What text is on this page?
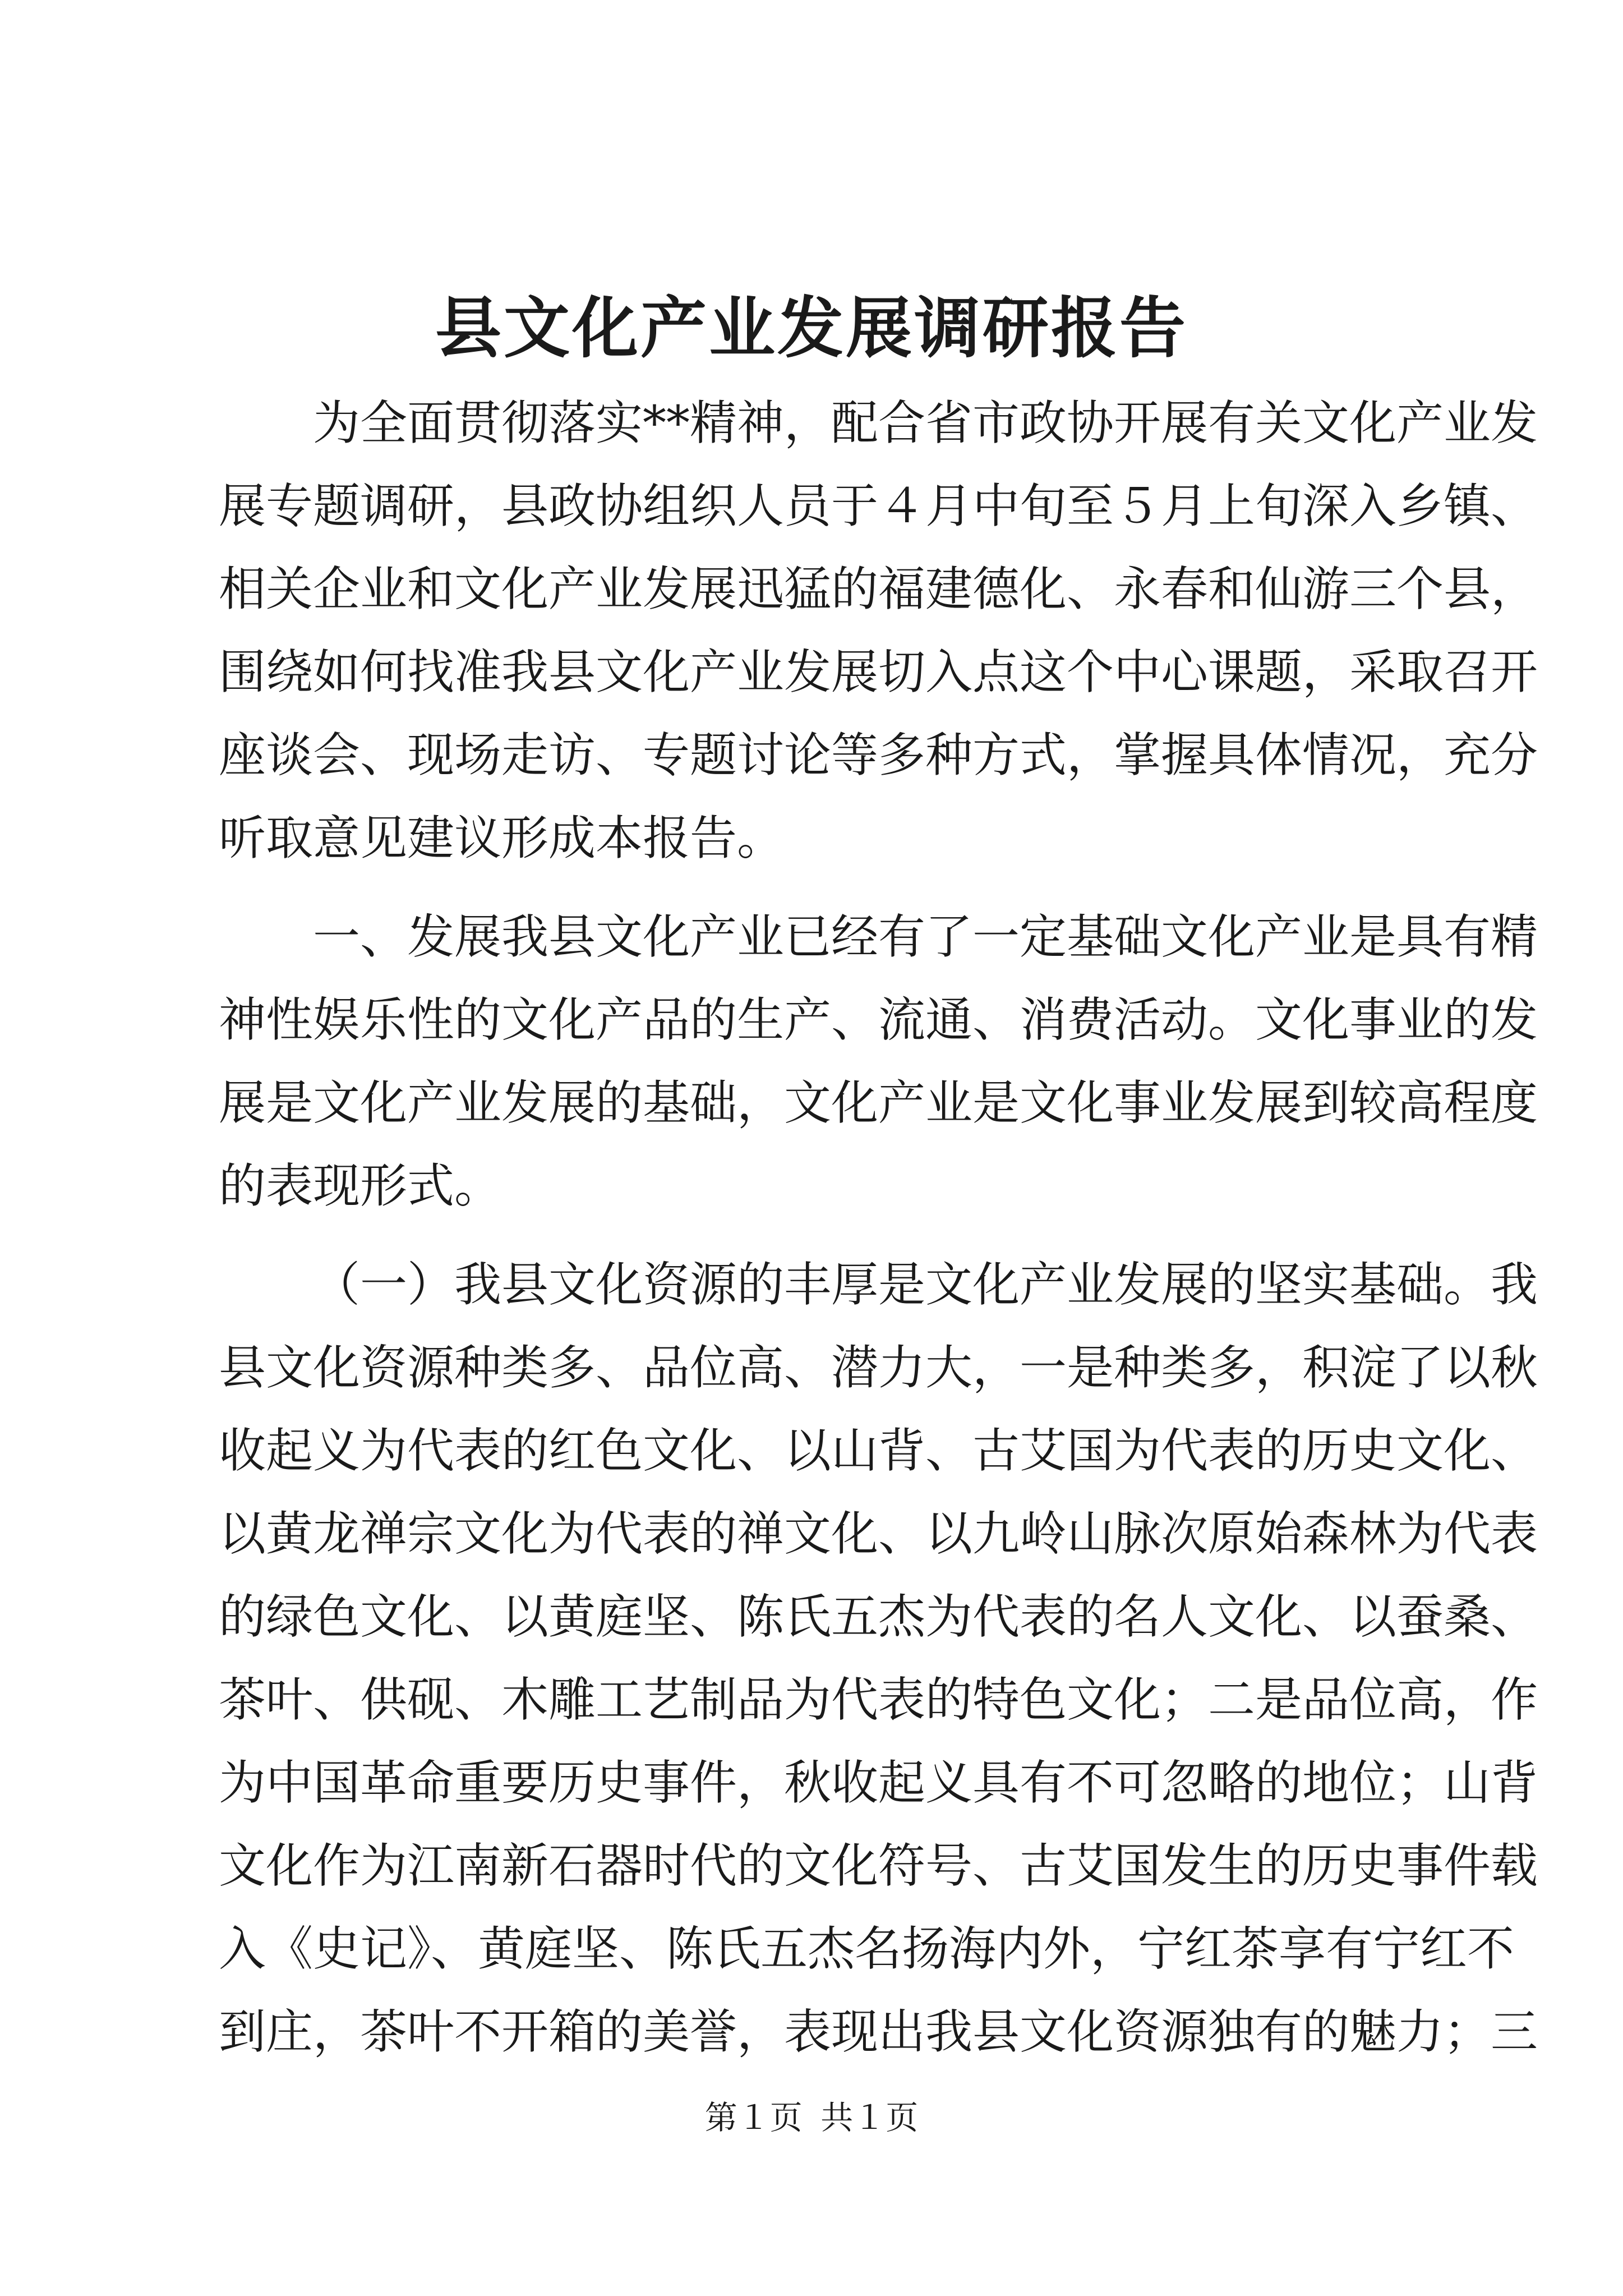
县文化产业发展调研报告
为全面贯彻落实**精神，配合省市政协开展有关文化产业发
展专题调研，县政协组织人员于４月中旬至５月上旬深入乡镇、
相关企业和文化产业发展迅猛的福建德化、永春和仙游三个县，
围绕如何找准我县文化产业发展切入点这个中心课题，采取召开
座谈会、现场走访、专题讨论等多种方式，掌握具体情况，充分
听取意见建议形成本报告。
一、发展我县文化产业已经有了一定基础文化产业是具有精
神性娱乐性的文化产品的生产、流通、消费活动。文化事业的发
展是文化产业发展的基础，文化产业是文化事业发展到较高程度
的表现形式。
（一）我县文化资源的丰厚是文化产业发展的坚实基础。我
县文化资源种类多、品位高、潜力大，一是种类多，积淀了以秋
收起义为代表的红色文化、以山背、古艾国为代表的历史文化、
以黄龙禅宗文化为代表的禅文化、以九岭山脉次原始森林为代表
的绿色文化、以黄庭坚、陈氏五杰为代表的名人文化、以蚕桑、
茶叶、供砚、木雕工艺制品为代表的特色文化；二是品位高，作
为中国革命重要历史事件，秋收起义具有不可忽略的地位；山背
文化作为江南新石器时代的文化符号、古艾国发生的历史事件载
入《史记》、黄庭坚、陈氏五杰名扬海内外，宁红茶享有宁红不
到庄，茶叶不开箱的美誉，表现出我县文化资源独有的魅力；三
第１页 共１页
